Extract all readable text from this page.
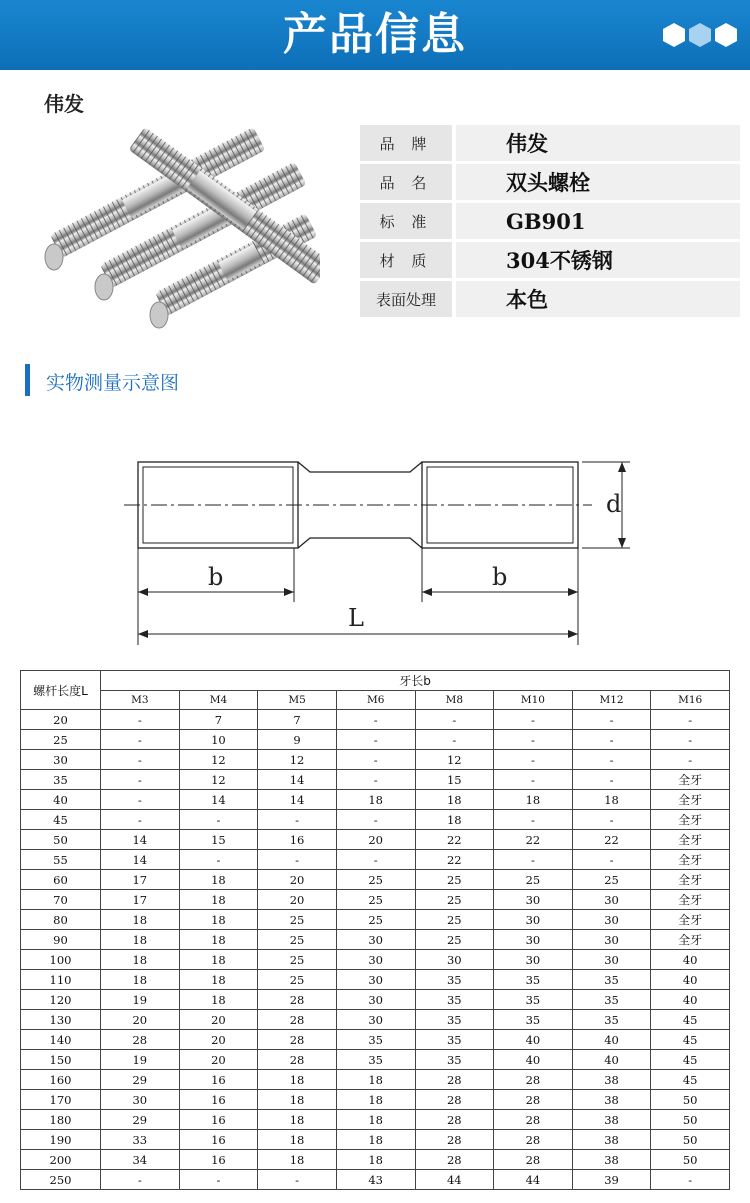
产品信息
伟发
品 牌		伟发
品 名		双头螺栓
标 准		GB901
材 质		304不锈钢
表面处理		本色
实物测量示意图
b	b
L
d
螺杆长度L	牙长b							
	M3	M4	M5	M6	M8	M10	M12	M16
20	-	7	7	-	-	-	-	-
25	-	10	9	-	-	-	-	-
30	-	12	12	-	12	-	-	-
35	-	12	14	-	15	-	-	全牙
40	-	14	14	18	18	18	18	全牙
45	-	-	-	-	18	-	-	全牙
50	14	15	16	20	22	22	22	全牙
55	14	-	-	-	22	-	-	全牙
60	17	18	20	25	25	25	25	全牙
70	17	18	20	25	25	30	30	全牙
80	18	18	25	25	25	30	30	全牙
90	18	18	25	30	25	30	30	全牙
100	18	18	25	30	30	30	30	40
110	18	18	25	30	35	35	35	40
120	19	18	28	30	35	35	35	40
130	20	20	28	30	35	35	35	45
140	28	20	28	35	35	40	40	45
150	19	20	28	35	35	40	40	45
160	29	16	18	18	28	28	38	45
170	30	16	18	18	28	28	38	50
180	29	16	18	18	28	28	38	50
190	33	16	18	18	28	28	38	50
200	34	16	18	18	28	28	38	50
250	-	-	-	43	44	44	39	-
